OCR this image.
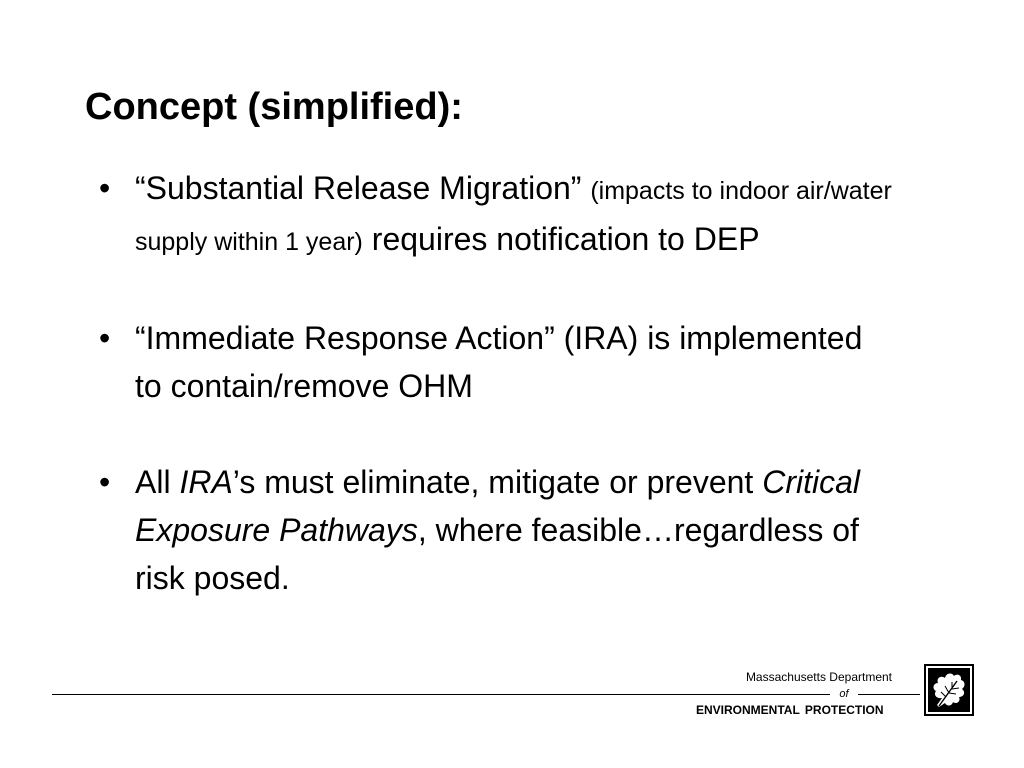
Concept (simplified):
• “Substantial Release Migration” (impacts to indoor air/water supply within 1 year) requires notification to DEP
• “Immediate Response Action” (IRA) is implemented to contain/remove OHM
• All IRA’s must eliminate, mitigate or prevent Critical Exposure Pathways, where feasible…regardless of risk posed.
Massachusetts Department
of
ENVIRONMENTAL PROTECTION
